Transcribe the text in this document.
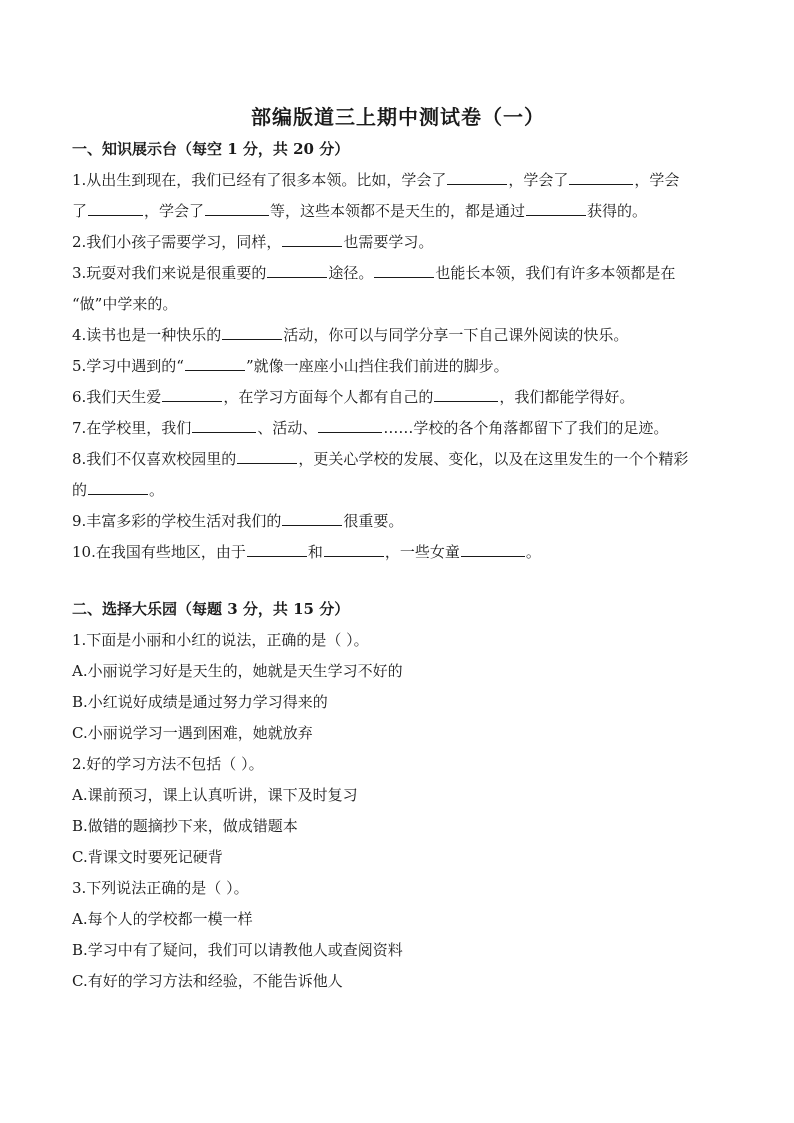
部编版道三上期中测试卷（一）
一、知识展示台（每空 1 分，共 20 分）
1.从出生到现在，我们已经有了很多本领。比如，学会了	，学会了	，学会
了	，学会了	等，这些本领都不是天生的，都是通过	获得的。
2.我们小孩子需要学习，同样，	也需要学习。
3.玩耍对我们来说是很重要的	途径。	也能长本领，我们有许多本领都是在
“做”中学来的。
4.读书也是一种快乐的	活动，你可以与同学分享一下自己课外阅读的快乐。
5.学习中遇到的“	”就像一座座小山挡住我们前进的脚步。
6.我们天生爱	，在学习方面每个人都有自己的	，我们都能学得好。
7.在学校里，我们	、活动、	……学校的各个角落都留下了我们的足迹。
8.我们不仅喜欢校园里的	，更关心学校的发展、变化，以及在这里发生的一个个精彩
的	。
9.丰富多彩的学校生活对我们的	很重要。
10.在我国有些地区，由于	和	，一些女童	。
二、选择大乐园（每题 3 分，共 15 分）
1.下面是小丽和小红的说法，正确的是（ ）。
A.小丽说学习好是天生的，她就是天生学习不好的
B.小红说好成绩是通过努力学习得来的
C.小丽说学习一遇到困难，她就放弃
2.好的学习方法不包括（ ）。
A.课前预习，课上认真听讲，课下及时复习
B.做错的题摘抄下来，做成错题本
C.背课文时要死记硬背
3.下列说法正确的是（ ）。
A.每个人的学校都一模一样
B.学习中有了疑问，我们可以请教他人或查阅资料
C.有好的学习方法和经验，不能告诉他人
